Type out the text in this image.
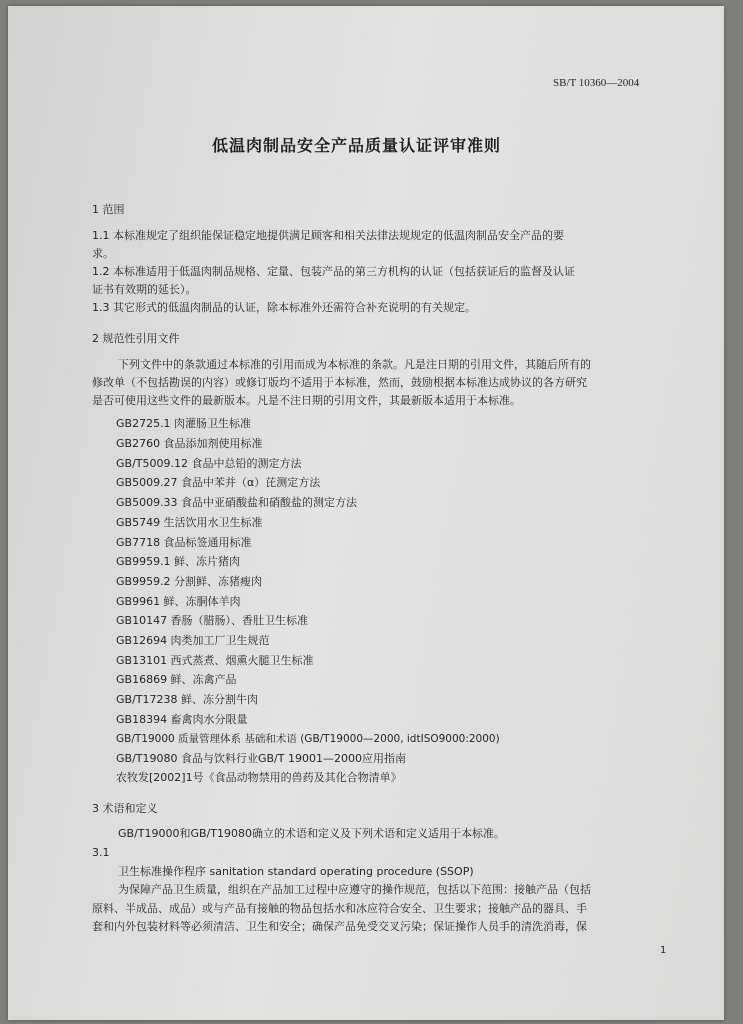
SB/T 10360—2004
低温肉制品安全产品质量认证评审准则
1 范围
1.1 本标准规定了组织能保证稳定地提供满足顾客和相关法律法规规定的低温肉制品安全产品的要
求。
1.2 本标准适用于低温肉制品规格、定量、包装产品的第三方机构的认证（包括获证后的监督及认证
证书有效期的延长）。
1.3 其它形式的低温肉制品的认证，除本标准外还需符合补充说明的有关规定。
2 规范性引用文件
下列文件中的条款通过本标准的引用而成为本标准的条款。凡是注日期的引用文件，其随后所有的
修改单（不包括勘误的内容）或修订版均不适用于本标准，然而，鼓励根据本标准达成协议的各方研究
是否可使用这些文件的最新版本。凡是不注日期的引用文件，其最新版本适用于本标准。
GB2725.1 肉灌肠卫生标准
GB2760 食品添加剂使用标准
GB/T5009.12 食品中总铅的测定方法
GB5009.27 食品中苯并（α）芘测定方法
GB5009.33 食品中亚硝酸盐和硝酸盐的测定方法
GB5749 生活饮用水卫生标准
GB7718 食品标签通用标准
GB9959.1 鲜、冻片猪肉
GB9959.2 分割鲜、冻猪瘦肉
GB9961 鲜、冻胴体羊肉
GB10147 香肠（腊肠）、香肚卫生标准
GB12694 肉类加工厂卫生规范
GB13101 西式蒸煮、烟熏火腿卫生标准
GB16869 鲜、冻禽产品
GB/T17238 鲜、冻分割牛肉
GB18394 畜禽肉水分限量
GB/T19000 质量管理体系 基础和术语 (GB/T19000—2000, idtISO9000:2000)
GB/T19080 食品与饮料行业GB/T 19001—2000应用指南
农牧发[2002]1号《食品动物禁用的兽药及其化合物清单》
3 术语和定义
GB/T19000和GB/T19080确立的术语和定义及下列术语和定义适用于本标准。
3.1
卫生标准操作程序 sanitation standard operating procedure (SSOP)
为保障产品卫生质量，组织在产品加工过程中应遵守的操作规范，包括以下范围：接触产品（包括
原料、半成品、成品）或与产品有接触的物品包括水和冰应符合安全、卫生要求；接触产品的器具、手
套和内外包装材料等必须清洁、卫生和安全；确保产品免受交叉污染；保证操作人员手的清洗消毒，保
1
